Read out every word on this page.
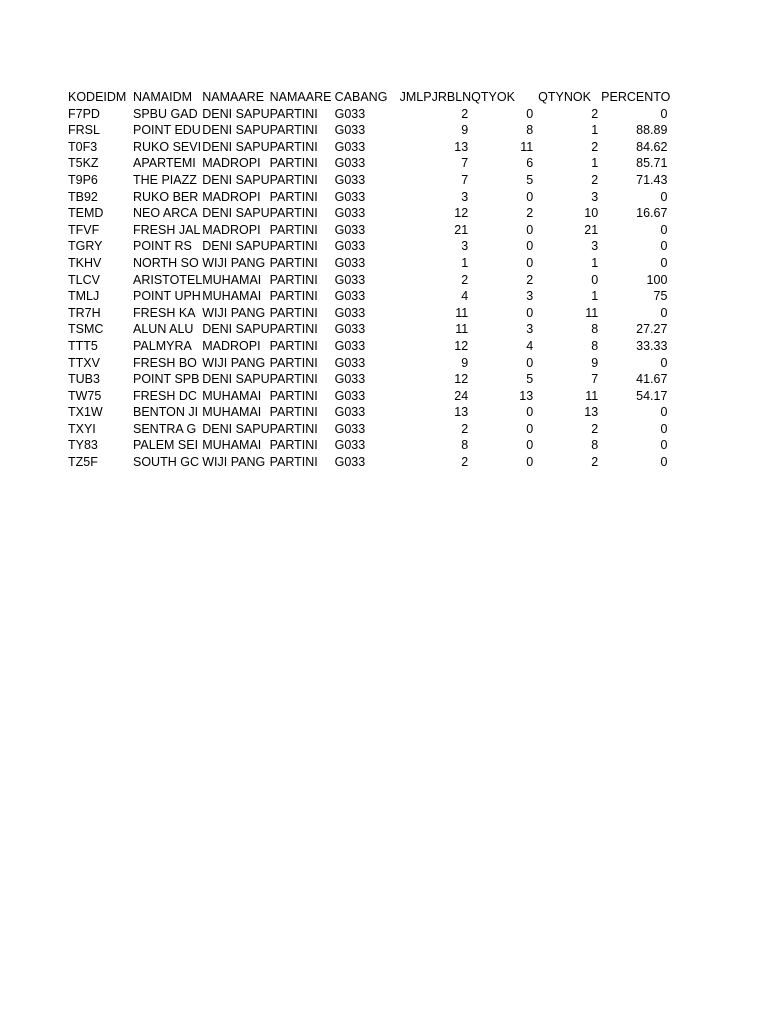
KODEIDM	NAMAIDM	NAMAARE	NAMAARE	CABANG	JMLPJRBLN	QTYOK	QTYNOK	PERCENTO
F7PD	SPBU GAD	DENI SAPU	PARTINI	G033	2	0	2	0
FRSL	POINT EDU	DENI SAPU	PARTINI	G033	9	8	1	88.89
T0F3	RUKO SEVI	DENI SAPU	PARTINI	G033	13	11	2	84.62
T5KZ	APARTEMI	MADROPI	PARTINI	G033	7	6	1	85.71
T9P6	THE PIAZZ	DENI SAPU	PARTINI	G033	7	5	2	71.43
TB92	RUKO BER	MADROPI	PARTINI	G033	3	0	3	0
TEMD	NEO ARCA	DENI SAPU	PARTINI	G033	12	2	10	16.67
TFVF	FRESH JAL	MADROPI	PARTINI	G033	21	0	21	0
TGRY	POINT RS	DENI SAPU	PARTINI	G033	3	0	3	0
TKHV	NORTH SO	WIJI PANG	PARTINI	G033	1	0	1	0
TLCV	ARISTOTEL	MUHAMAI	PARTINI	G033	2	2	0	100
TMLJ	POINT UPH	MUHAMAI	PARTINI	G033	4	3	1	75
TR7H	FRESH KA	WIJI PANG	PARTINI	G033	11	0	11	0
TSMC	ALUN ALU	DENI SAPU	PARTINI	G033	11	3	8	27.27
TTT5	PALMYRA	MADROPI	PARTINI	G033	12	4	8	33.33
TTXV	FRESH BO	WIJI PANG	PARTINI	G033	9	0	9	0
TUB3	POINT SPB	DENI SAPU	PARTINI	G033	12	5	7	41.67
TW75	FRESH DC	MUHAMAI	PARTINI	G033	24	13	11	54.17
TX1W	BENTON JI	MUHAMAI	PARTINI	G033	13	0	13	0
TXYI	SENTRA G	DENI SAPU	PARTINI	G033	2	0	2	0
TY83	PALEM SEI	MUHAMAI	PARTINI	G033	8	0	8	0
TZ5F	SOUTH GC	WIJI PANG	PARTINI	G033	2	0	2	0
